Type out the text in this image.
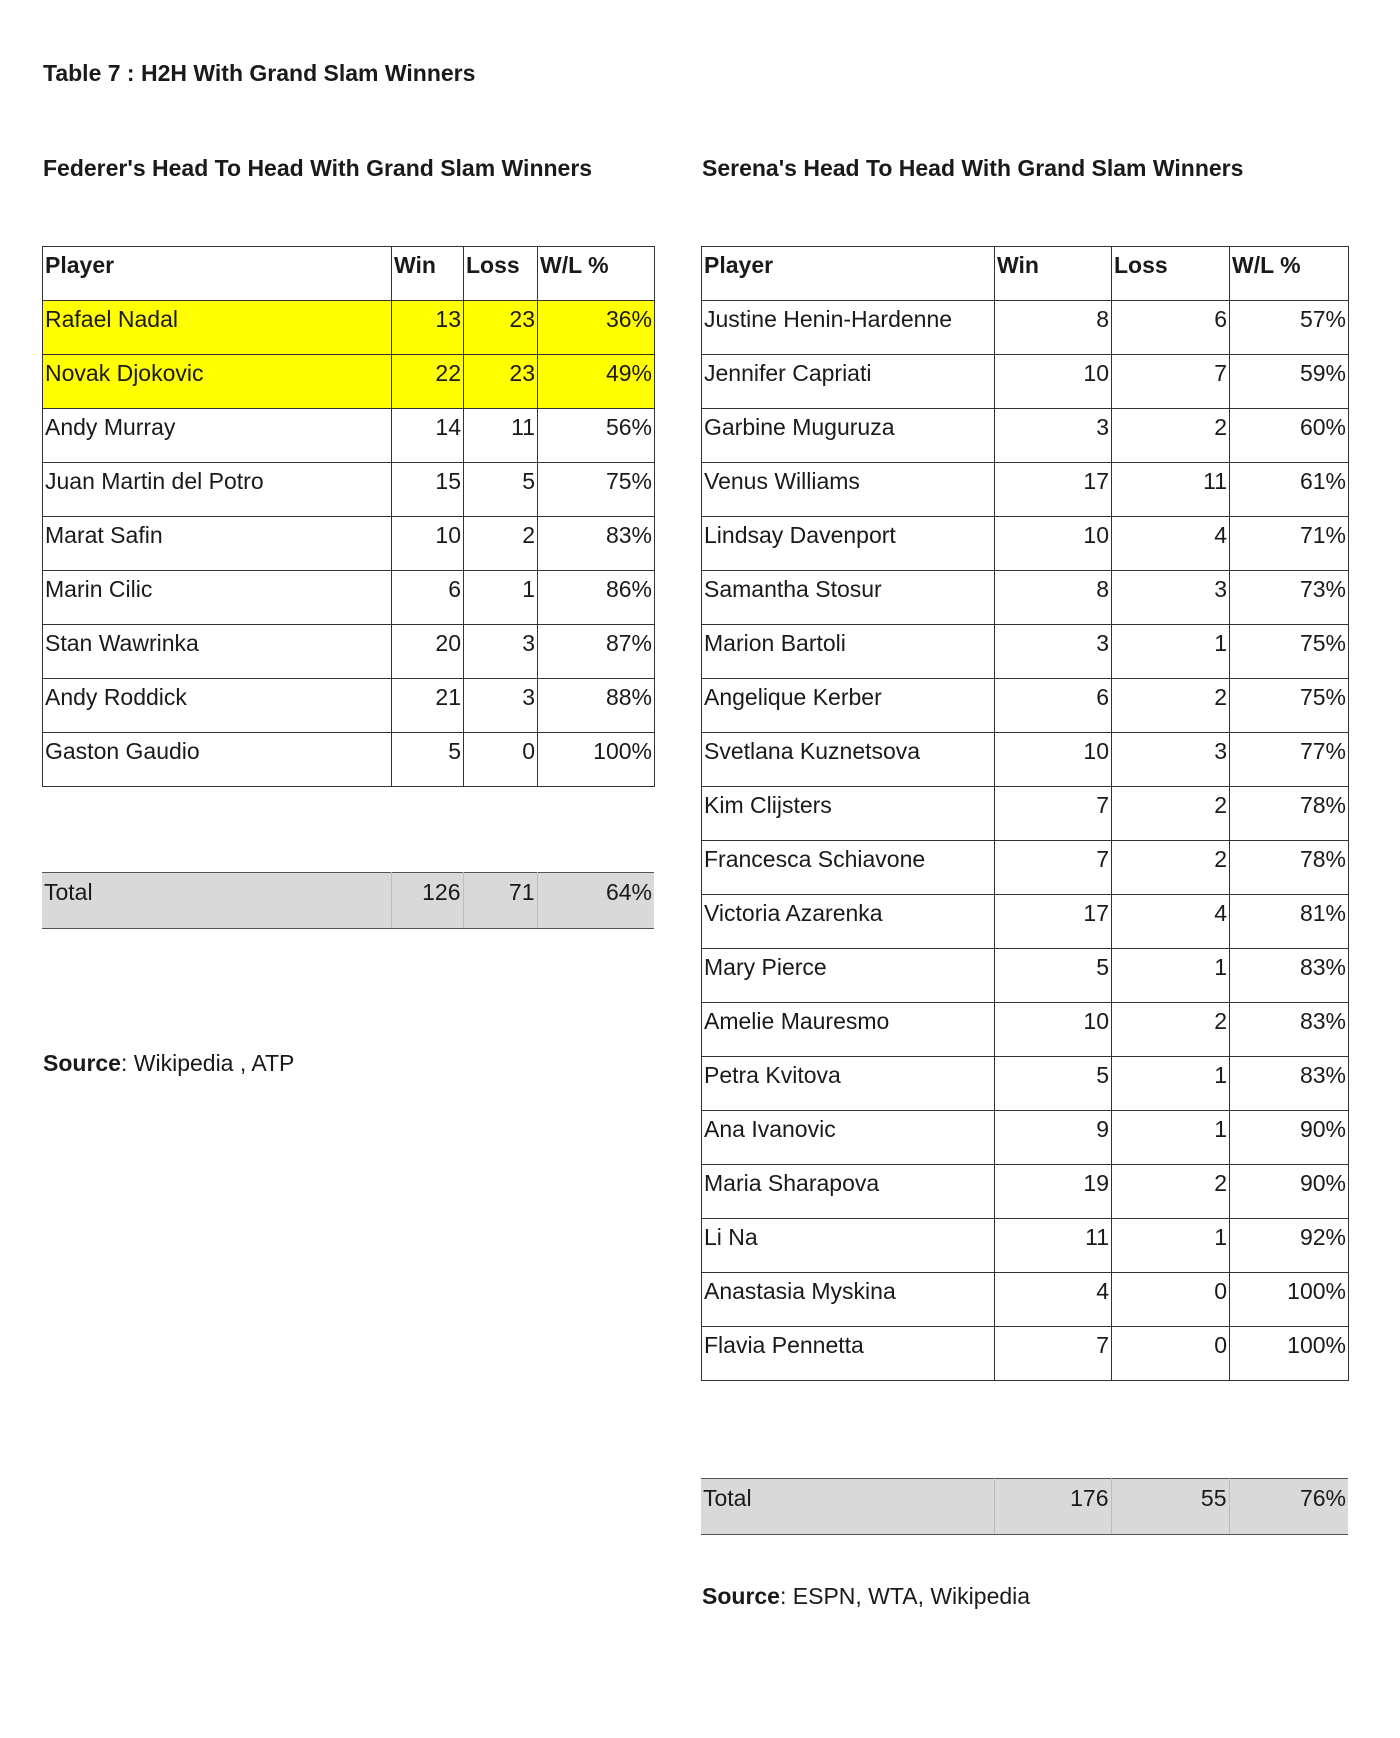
Table 7 : H2H With Grand Slam Winners
Federer's Head To Head With Grand Slam Winners	Serena's Head To Head With Grand Slam Winners
Player	Win	Loss	W/L %
Rafael Nadal	13	23	36%
Novak Djokovic	22	23	49%
Andy Murray	14	11	56%
Juan Martin del Potro	15	5	75%
Marat Safin	10	2	83%
Marin Cilic	6	1	86%
Stan Wawrinka	20	3	87%
Andy Roddick	21	3	88%
Gaston Gaudio	5	0	100%
Total	126	71	64%
Source: Wikipedia , ATP
Player	Win	Loss	W/L %
Justine Henin-Hardenne	8	6	57%
Jennifer Capriati	10	7	59%
Garbine Muguruza	3	2	60%
Venus Williams	17	11	61%
Lindsay Davenport	10	4	71%
Samantha Stosur	8	3	73%
Marion Bartoli	3	1	75%
Angelique Kerber	6	2	75%
Svetlana Kuznetsova	10	3	77%
Kim Clijsters	7	2	78%
Francesca Schiavone	7	2	78%
Victoria Azarenka	17	4	81%
Mary Pierce	5	1	83%
Amelie Mauresmo	10	2	83%
Petra Kvitova	5	1	83%
Ana Ivanovic	9	1	90%
Maria Sharapova	19	2	90%
Li Na	11	1	92%
Anastasia Myskina	4	0	100%
Flavia Pennetta	7	0	100%
Total	176	55	76%
Source: ESPN, WTA, Wikipedia
